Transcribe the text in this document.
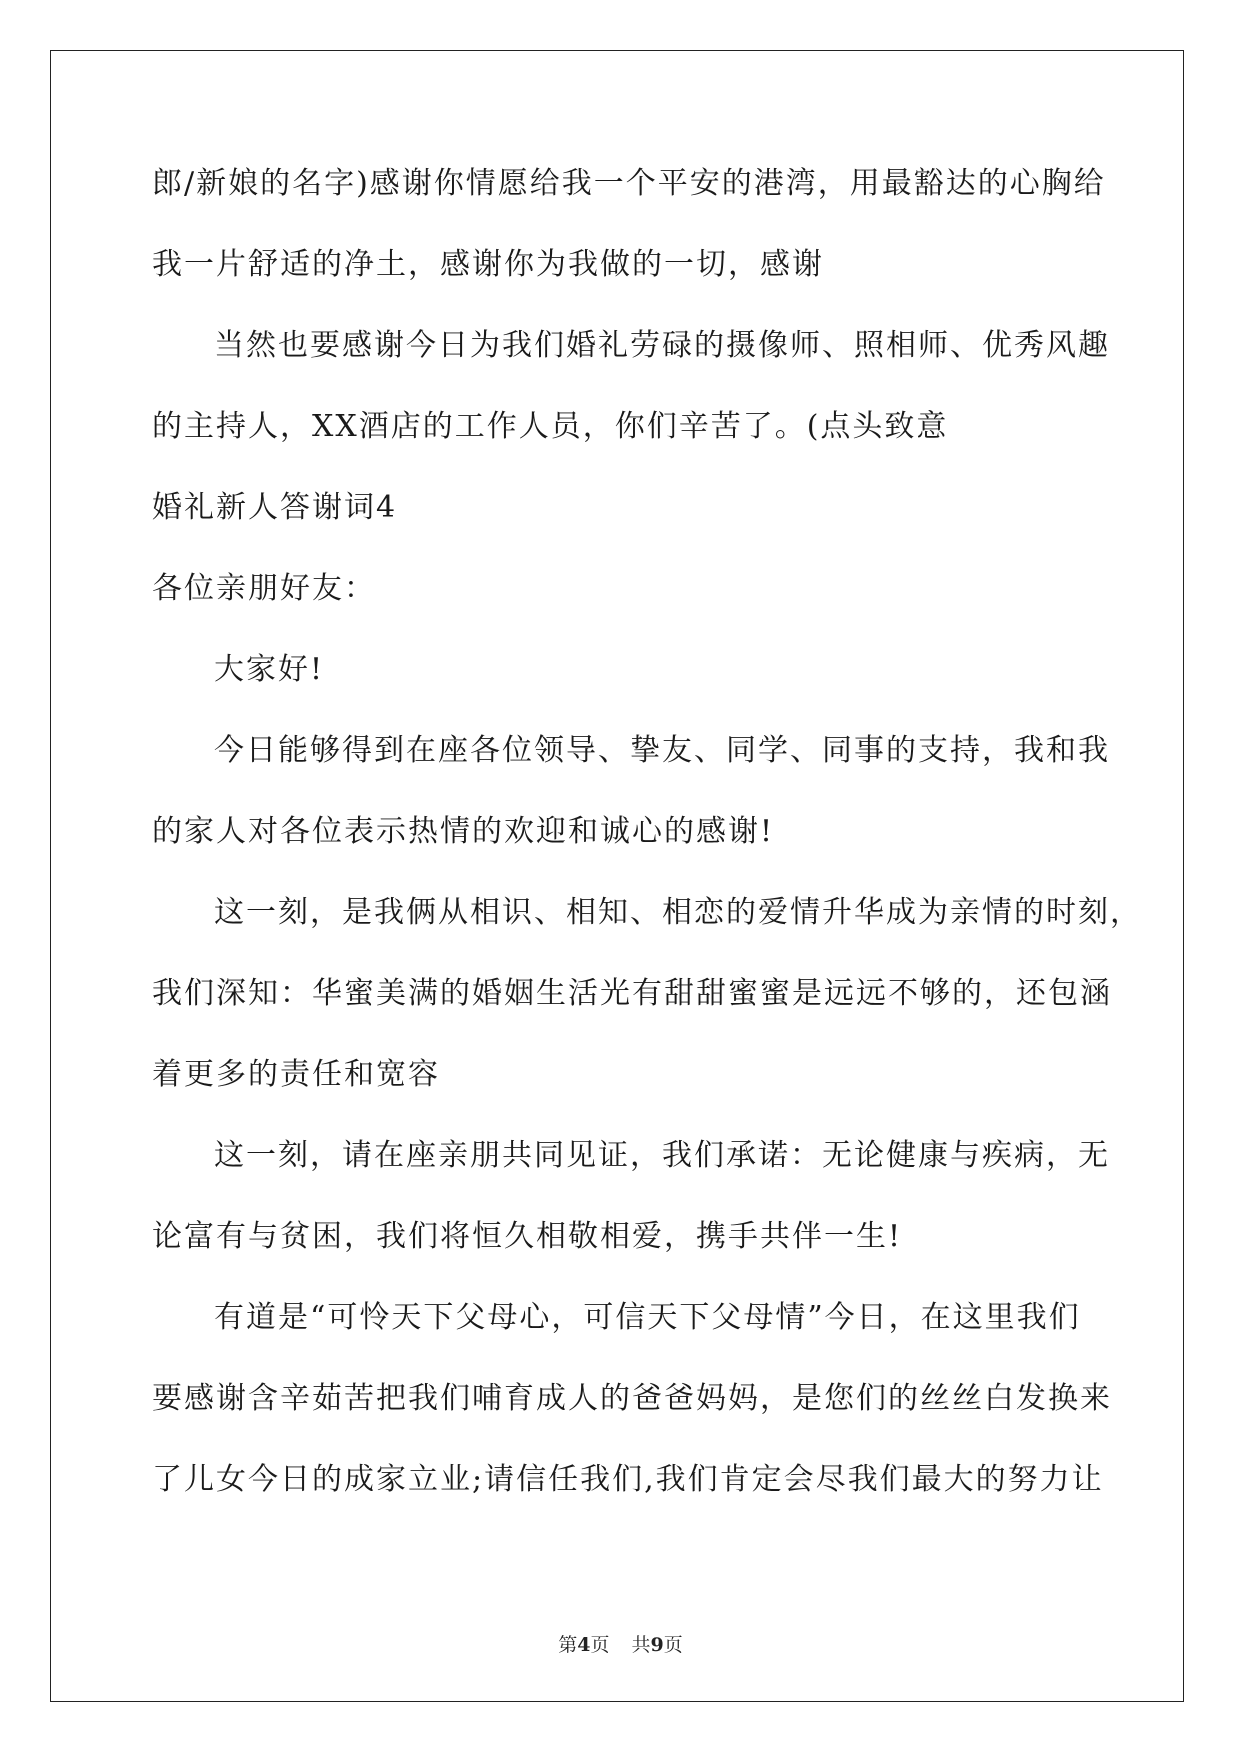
郎/新娘的名字)感谢你情愿给我一个平安的港湾，用最豁达的心胸给
我一片舒适的净土，感谢你为我做的一切，感谢
当然也要感谢今日为我们婚礼劳碌的摄像师、照相师、优秀风趣
的主持人，XX酒店的工作人员，你们辛苦了。(点头致意
婚礼新人答谢词4
各位亲朋好友：
大家好!
今日能够得到在座各位领导、挚友、同学、同事的支持，我和我
的家人对各位表示热情的欢迎和诚心的感谢!
这一刻，是我俩从相识、相知、相恋的爱情升华成为亲情的时刻，
我们深知：华蜜美满的婚姻生活光有甜甜蜜蜜是远远不够的，还包涵
着更多的责任和宽容
这一刻，请在座亲朋共同见证，我们承诺：无论健康与疾病，无
论富有与贫困，我们将恒久相敬相爱，携手共伴一生!
有道是“可怜天下父母心，可信天下父母情”今日，在这里我们
要感谢含辛茹苦把我们哺育成人的爸爸妈妈，是您们的丝丝白发换来
了儿女今日的成家立业;请信任我们,我们肯定会尽我们最大的努力让
第4页 共9页
